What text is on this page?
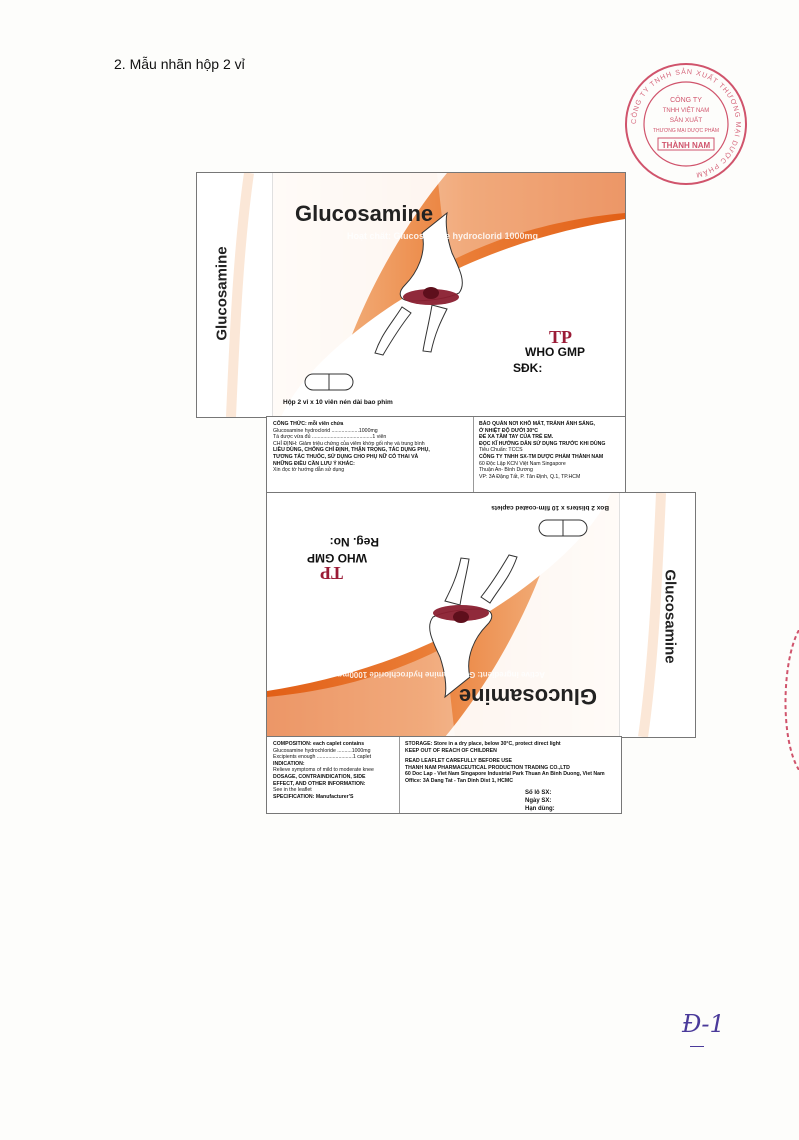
2. Mẫu nhãn hộp 2 vỉ
CÔNG TY TNHH SẢN XUẤT THƯƠNG MẠI DƯỢC PHẨM
CÔNG TY
TNHH VIỆT NAM
SẢN XUẤT
THƯƠNG MẠI DƯỢC PHẨM
THÀNH NAM
TP
Glucosamine
Glucosamine
Hoạt chất: Glucosamine hydroclorid 1000mg
WHO GMP
SĐK:
Hộp 2 vỉ x 10 viên nén dài bao phim
CÔNG THỨC: mỗi viên chứa
Glucosamine hydroclorid ...................1000mg
Tá dược vừa đủ ..........................................1 viên
CHỈ ĐỊNH: Giảm triệu chứng của viêm khớp gối nhẹ và trung bình
LIỀU DÙNG, CHỐNG CHỈ ĐỊNH, THẬN TRỌNG, TÁC DỤNG PHỤ,
TƯƠNG TÁC THUỐC, SỬ DỤNG CHO PHỤ NỮ CÓ THAI VÀ
NHỮNG ĐIỀU CẦN LƯU Ý KHÁC:
Xin đọc tờ hướng dẫn sử dụng
BẢO QUẢN NƠI KHÔ MÁT, TRÁNH ÁNH SÁNG,
Ở NHIỆT ĐỘ DƯỚI 30°C
ĐỂ XA TẦM TAY CỦA TRẺ EM.
ĐỌC KĨ HƯỚNG DẪN SỬ DỤNG TRƯỚC KHI DÙNG
Tiêu Chuẩn: TCCS
CÔNG TY TNHH SX-TM DƯỢC PHẨM THÀNH NAM
60 Độc Lập KCN Việt Nam Singapore
Thuận An- Bình Dương
VP: 3A Đặng Tất, P. Tân Định, Q.1, TP.HCM
TP	Glucosamine
Glucosamine
Active ingredient: Glucosamine hydrochloride 1000mg
WHO GMP
Reg. No:
Box 2 blisters x 10 film-coated caplets
COMPOSITION: each caplet contains
Glucosamine hydrochloride ..........1000mg
Excipients enough .........................1 caplet
INDICATION:
Relieve symptoms of mild to moderate knee
DOSAGE, CONTRAINDICATION, SIDE
EFFECT, AND OTHER INFORMATION:
See in the leaflet
SPECIFICATION: Manufacturer'S
STORAGE: Store in a dry place, below 30°C, protect direct light
KEEP OUT OF REACH OF CHILDREN
READ LEAFLET CAREFULLY BEFORE USE
THANH NAM PHARMACEUTICAL PRODUCTION TRADING CO.,LTD
60 Doc Lap - Viet Nam Singapore Industrial Park Thuan An Binh Duong, Viet Nam
Office: 3A Dang Tat - Tan Dinh Dist 1, HCMC
Số lô SX:
Ngày SX:
Hạn dùng:
Đ-1
